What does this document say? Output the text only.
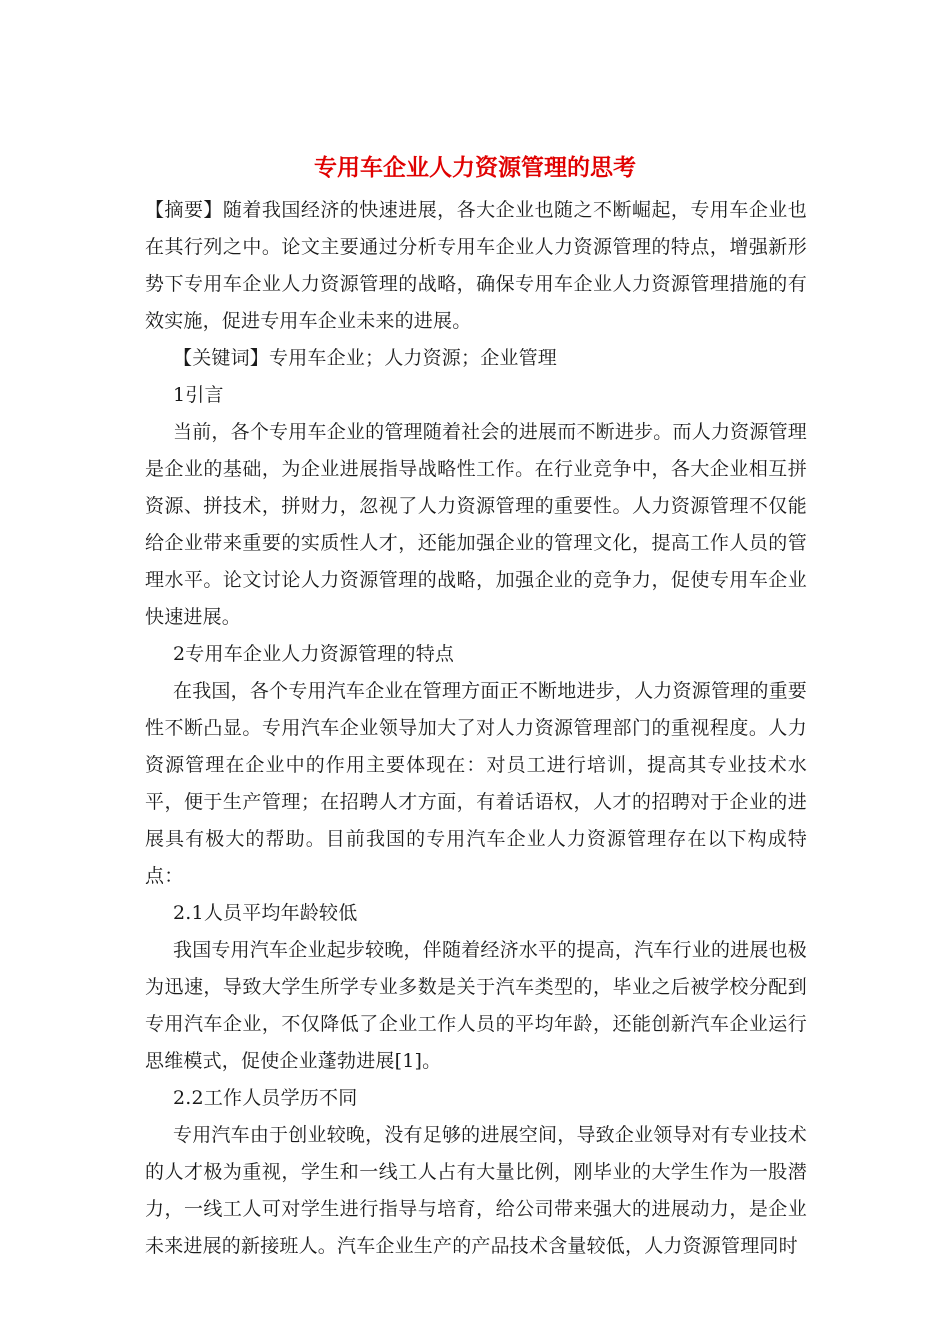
专用车企业人力资源管理的思考

【摘要】随着我国经济的快速进展，各大企业也随之不断崛起，专用车企业也在其行列之中。论文主要通过分析专用车企业人力资源管理的特点，增强新形势下专用车企业人力资源管理的战略，确保专用车企业人力资源管理措施的有效实施，促进专用车企业未来的进展。

【关键词】专用车企业；人力资源；企业管理

1引言

当前，各个专用车企业的管理随着社会的进展而不断进步。而人力资源管理是企业的基础，为企业进展指导战略性工作。在行业竞争中，各大企业相互拼资源、拼技术，拼财力，忽视了人力资源管理的重要性。人力资源管理不仅能给企业带来重要的实质性人才，还能加强企业的管理文化，提高工作人员的管理水平。论文讨论人力资源管理的战略，加强企业的竞争力，促使专用车企业快速进展。

2专用车企业人力资源管理的特点

在我国，各个专用汽车企业在管理方面正不断地进步，人力资源管理的重要性不断凸显。专用汽车企业领导加大了对人力资源管理部门的重视程度。人力资源管理在企业中的作用主要体现在：对员工进行培训，提高其专业技术水平，便于生产管理；在招聘人才方面，有着话语权，人才的招聘对于企业的进展具有极大的帮助。目前我国的专用汽车企业人力资源管理存在以下构成特点：

2.1人员平均年龄较低

我国专用汽车企业起步较晚，伴随着经济水平的提高，汽车行业的进展也极为迅速，导致大学生所学专业多数是关于汽车类型的，毕业之后被学校分配到专用汽车企业，不仅降低了企业工作人员的平均年龄，还能创新汽车企业运行思维模式，促使企业蓬勃进展[1]。

2.2工作人员学历不同

专用汽车由于创业较晚，没有足够的进展空间，导致企业领导对有专业技术的人才极为重视，学生和一线工人占有大量比例，刚毕业的大学生作为一股潜力，一线工人可对学生进行指导与培育，给公司带来强大的进展动力，是企业未来进展的新接班人。汽车企业生产的产品技术含量较低，人力资源管理同时
